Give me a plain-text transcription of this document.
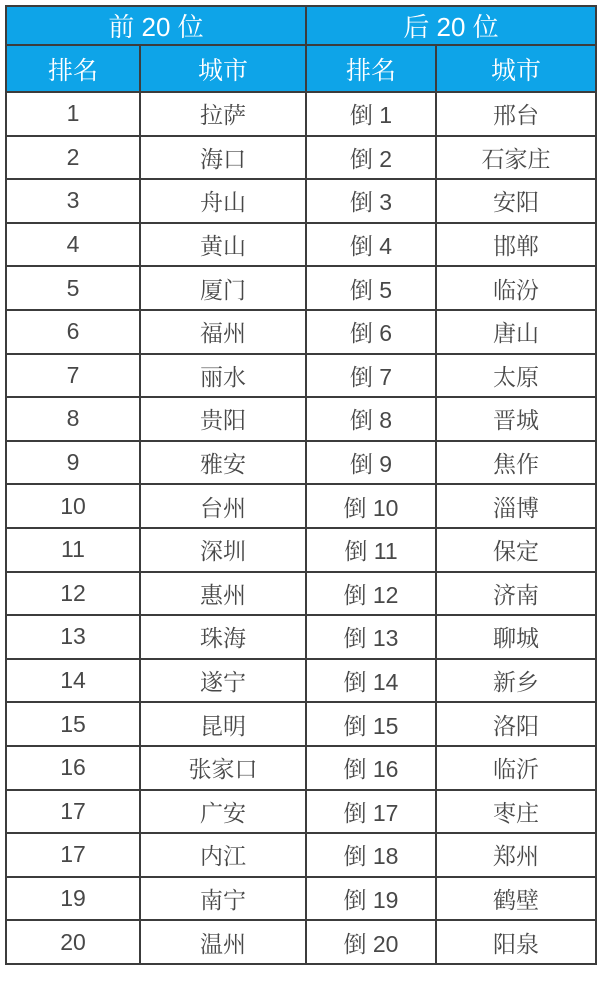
前 20 位		后 20 位	
排名	城市	排名	城市
1	拉萨	倒 1	邢台
2	海口	倒 2	石家庄
3	舟山	倒 3	安阳
4	黄山	倒 4	邯郸
5	厦门	倒 5	临汾
6	福州	倒 6	唐山
7	丽水	倒 7	太原
8	贵阳	倒 8	晋城
9	雅安	倒 9	焦作
10	台州	倒 10	淄博
11	深圳	倒 11	保定
12	惠州	倒 12	济南
13	珠海	倒 13	聊城
14	遂宁	倒 14	新乡
15	昆明	倒 15	洛阳
16	张家口	倒 16	临沂
17	广安	倒 17	枣庄
17	内江	倒 18	郑州
19	南宁	倒 19	鹤壁
20	温州	倒 20	阳泉
